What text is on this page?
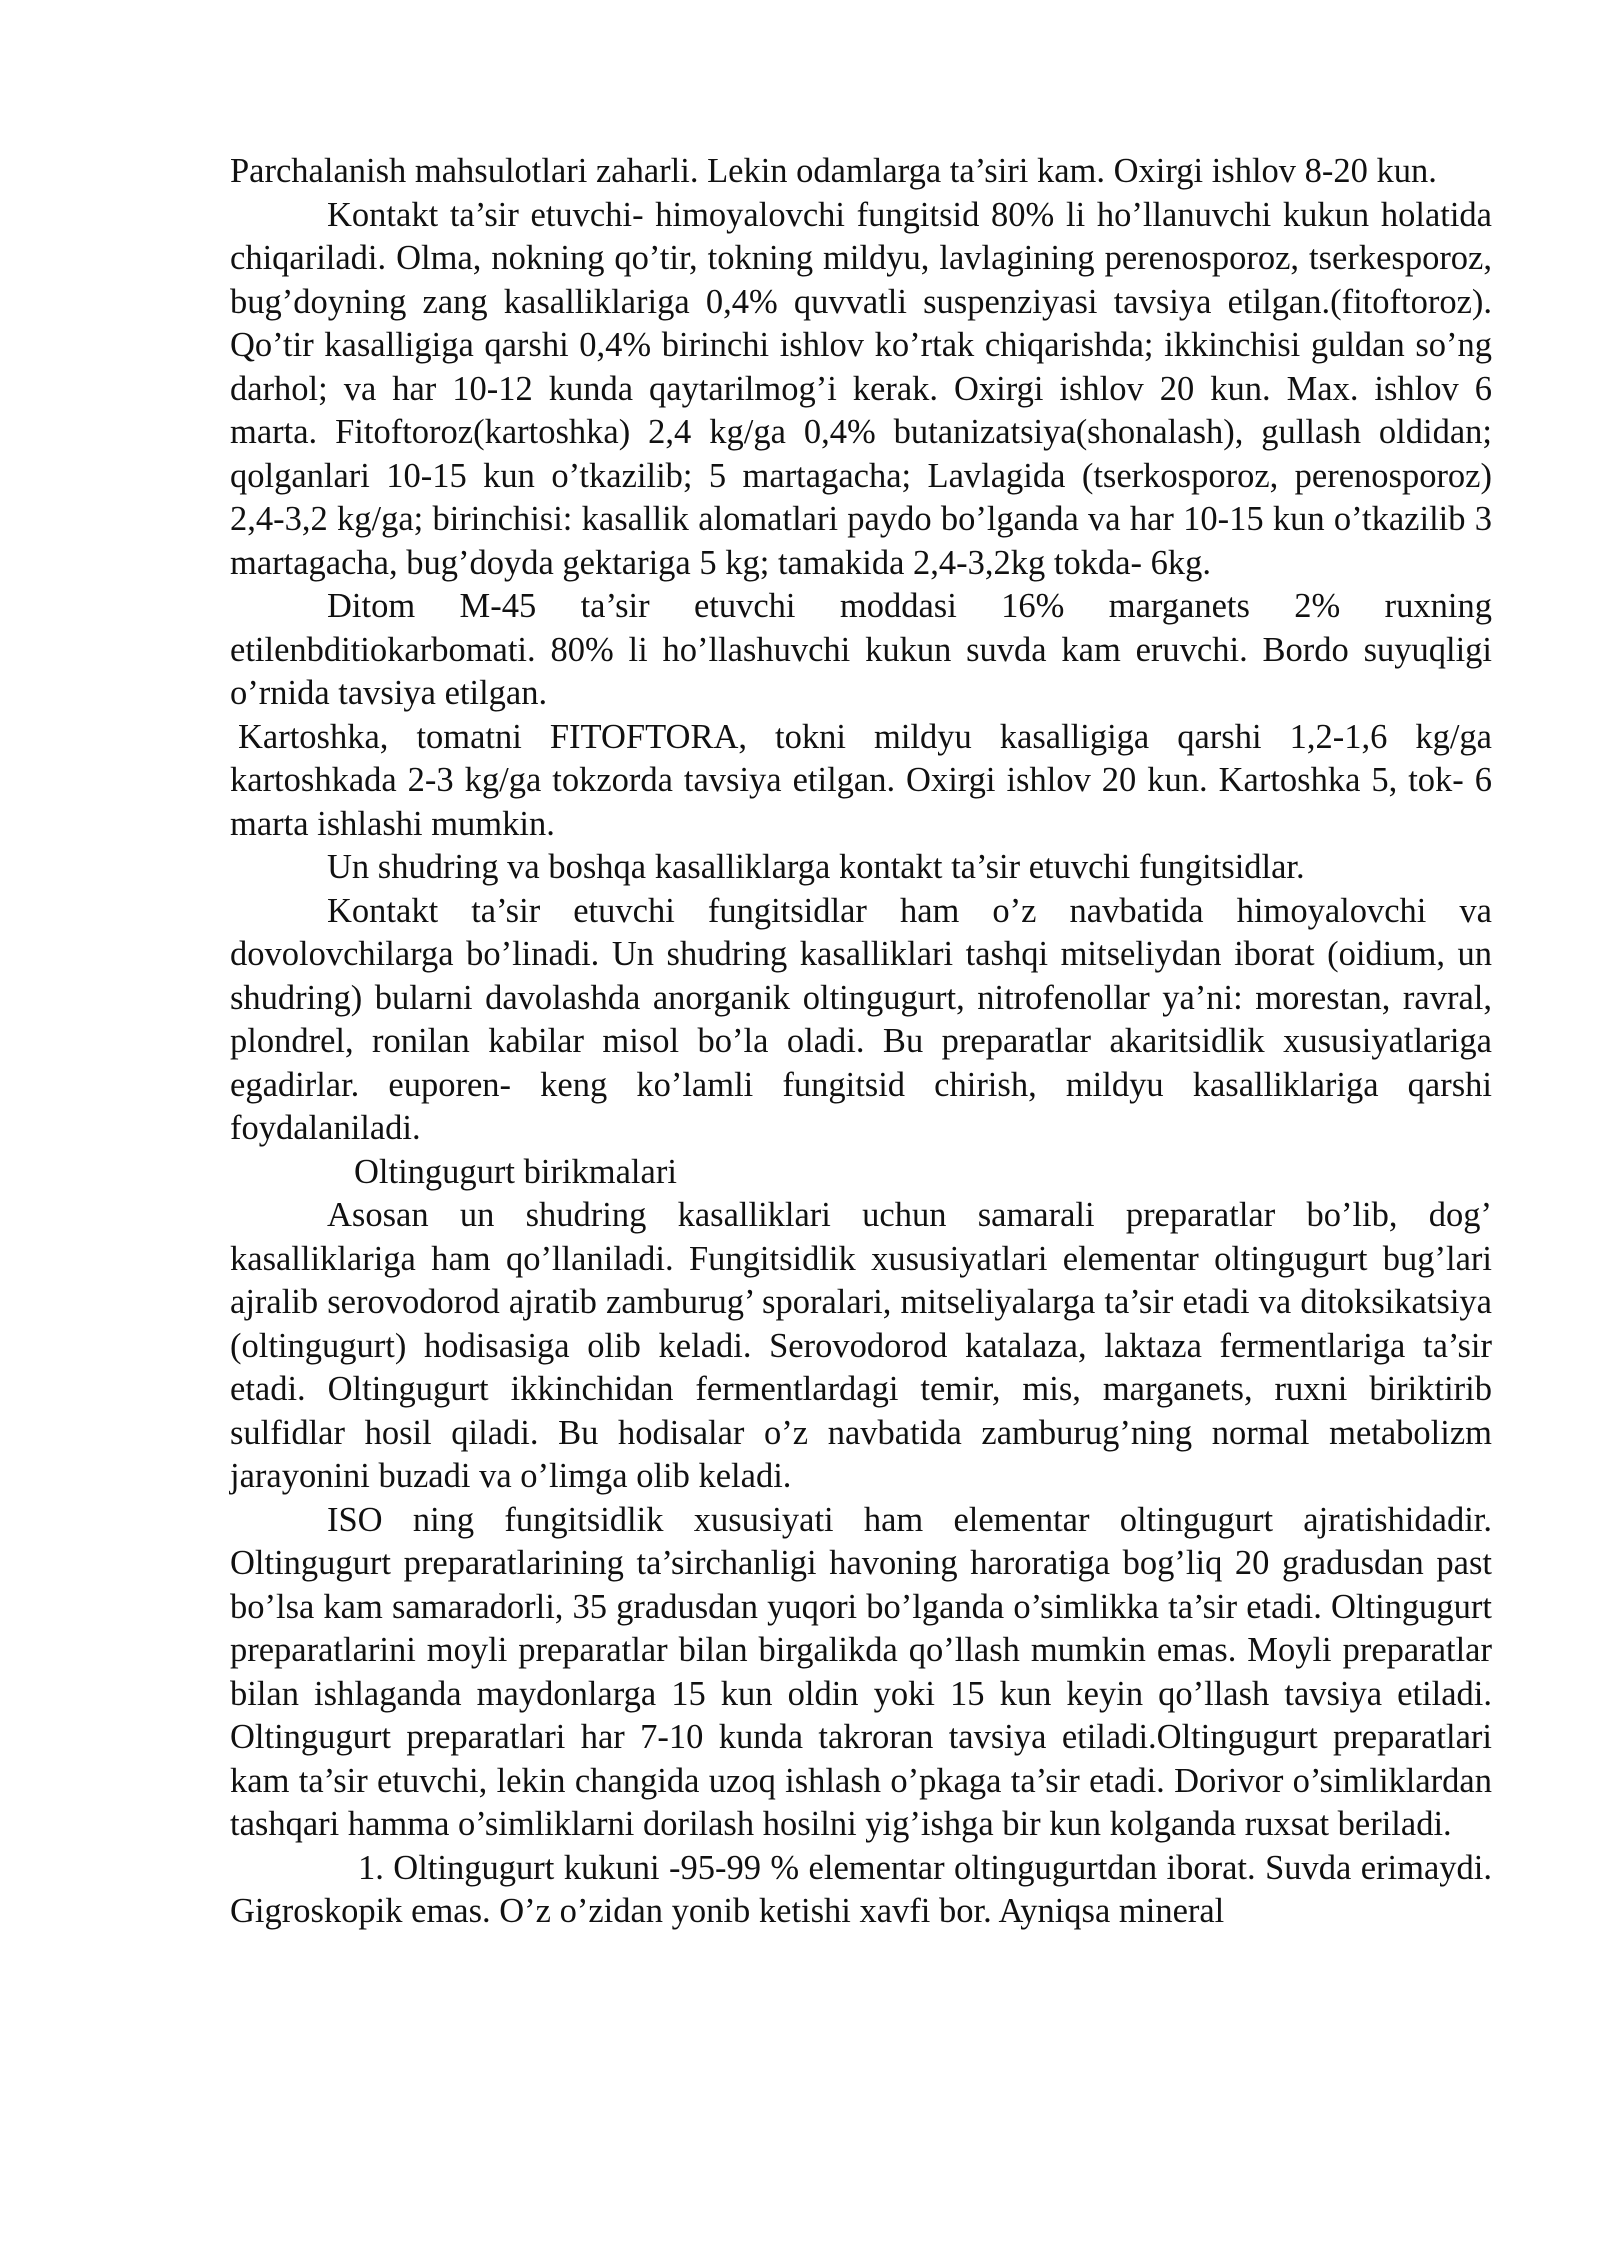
Parchalanish mahsulotlari zaharli. Lekin odamlarga ta’siri kam. Oxirgi ishlov 8-20 kun.

Kontakt ta’sir etuvchi- himoyalovchi fungitsid 80% li ho’llanuvchi kukun holatida chiqariladi. Olma, nokning qo’tir, tokning mildyu, lavlagining perenosporoz, tserkesporoz, bug’doyning zang kasalliklariga 0,4% quvvatli suspenziyasi tavsiya etilgan.(fitoftoroz). Qo’tir kasalligiga qarshi 0,4% birinchi ishlov ko’rtak chiqarishda; ikkinchisi guldan so’ng darhol; va har 10-12 kunda qaytarilmog’i kerak. Oxirgi ishlov 20 kun. Max. ishlov 6 marta. Fitoftoroz(kartoshka) 2,4 kg/ga 0,4% butanizatsiya(shonalash), gullash oldidan; qolganlari 10-15 kun o’tkazilib; 5 martagacha; Lavlagida (tserkosporoz, perenosporoz) 2,4-3,2 kg/ga; birinchisi: kasallik alomatlari paydo bo’lganda va har 10-15 kun o’tkazilib 3 martagacha, bug’doyda gektariga 5 kg; tamakida 2,4-3,2kg tokda- 6kg.

Ditom M-45 ta’sir etuvchi moddasi 16% marganets 2% ruxning etilenbditiokarbomati. 80% li ho’llashuvchi kukun suvda kam eruvchi. Bordo suyuqligi o’rnida tavsiya etilgan.

Kartoshka, tomatni FITOFTORA, tokni mildyu kasalligiga qarshi 1,2-1,6 kg/ga kartoshkada 2-3 kg/ga tokzorda tavsiya etilgan. Oxirgi ishlov 20 kun. Kartoshka 5, tok- 6 marta ishlashi mumkin.

Un shudring va boshqa kasalliklarga kontakt ta’sir etuvchi fungitsidlar.

Kontakt ta’sir etuvchi fungitsidlar ham o’z navbatida himoyalovchi va dovolovchilarga bo’linadi. Un shudring kasalliklari tashqi mitseliydan iborat (oidium, un shudring) bularni davolashda anorganik oltingugurt, nitrofenollar ya’ni: morestan, ravral, plondrel, ronilan kabilar misol bo’la oladi. Bu preparatlar akaritsidlik xususiyatlariga egadirlar. euporen- keng ko’lamli fungitsid chirish, mildyu kasalliklariga qarshi foydalaniladi.

Oltingugurt birikmalari

Asosan un shudring kasalliklari uchun samarali preparatlar bo’lib, dog’ kasalliklariga ham qo’llaniladi. Fungitsidlik xususiyatlari elementar oltingugurt bug’lari ajralib serovodorod ajratib zamburug’ sporalari, mitseliyalarga ta’sir etadi va ditoksikatsiya (oltingugurt) hodisasiga olib keladi. Serovodorod katalaza, laktaza fermentlariga ta’sir etadi. Oltingugurt ikkinchidan fermentlardagi temir, mis, marganets, ruxni biriktirib sulfidlar hosil qiladi. Bu hodisalar o’z navbatida zamburug’ning normal metabolizm jarayonini buzadi va o’limga olib keladi.

ISO ning fungitsidlik xususiyati ham elementar oltingugurt ajratishidadir. Oltingugurt preparatlarining ta’sirchanligi havoning haroratiga bog’liq 20 gradusdan past bo’lsa kam samaradorli, 35 gradusdan yuqori bo’lganda o’simlikka ta’sir etadi. Oltingugurt preparatlarini moyli preparatlar bilan birgalikda qo’llash mumkin emas. Moyli preparatlar bilan ishlaganda maydonlarga 15 kun oldin yoki 15 kun keyin qo’llash tavsiya etiladi. Oltingugurt preparatlari har 7-10 kunda takroran tavsiya etiladi.Oltingugurt preparatlari kam ta’sir etuvchi, lekin changida uzoq ishlash o’pkaga ta’sir etadi. Dorivor o’simliklardan tashqari hamma o’simliklarni dorilash hosilni yig’ishga bir kun kolganda ruxsat beriladi.

1. Oltingugurt kukuni -95-99 % elementar oltingugurtdan iborat. Suvda erimaydi. Gigroskopik emas. O’z o’zidan yonib ketishi xavfi bor. Ayniqsa mineral
